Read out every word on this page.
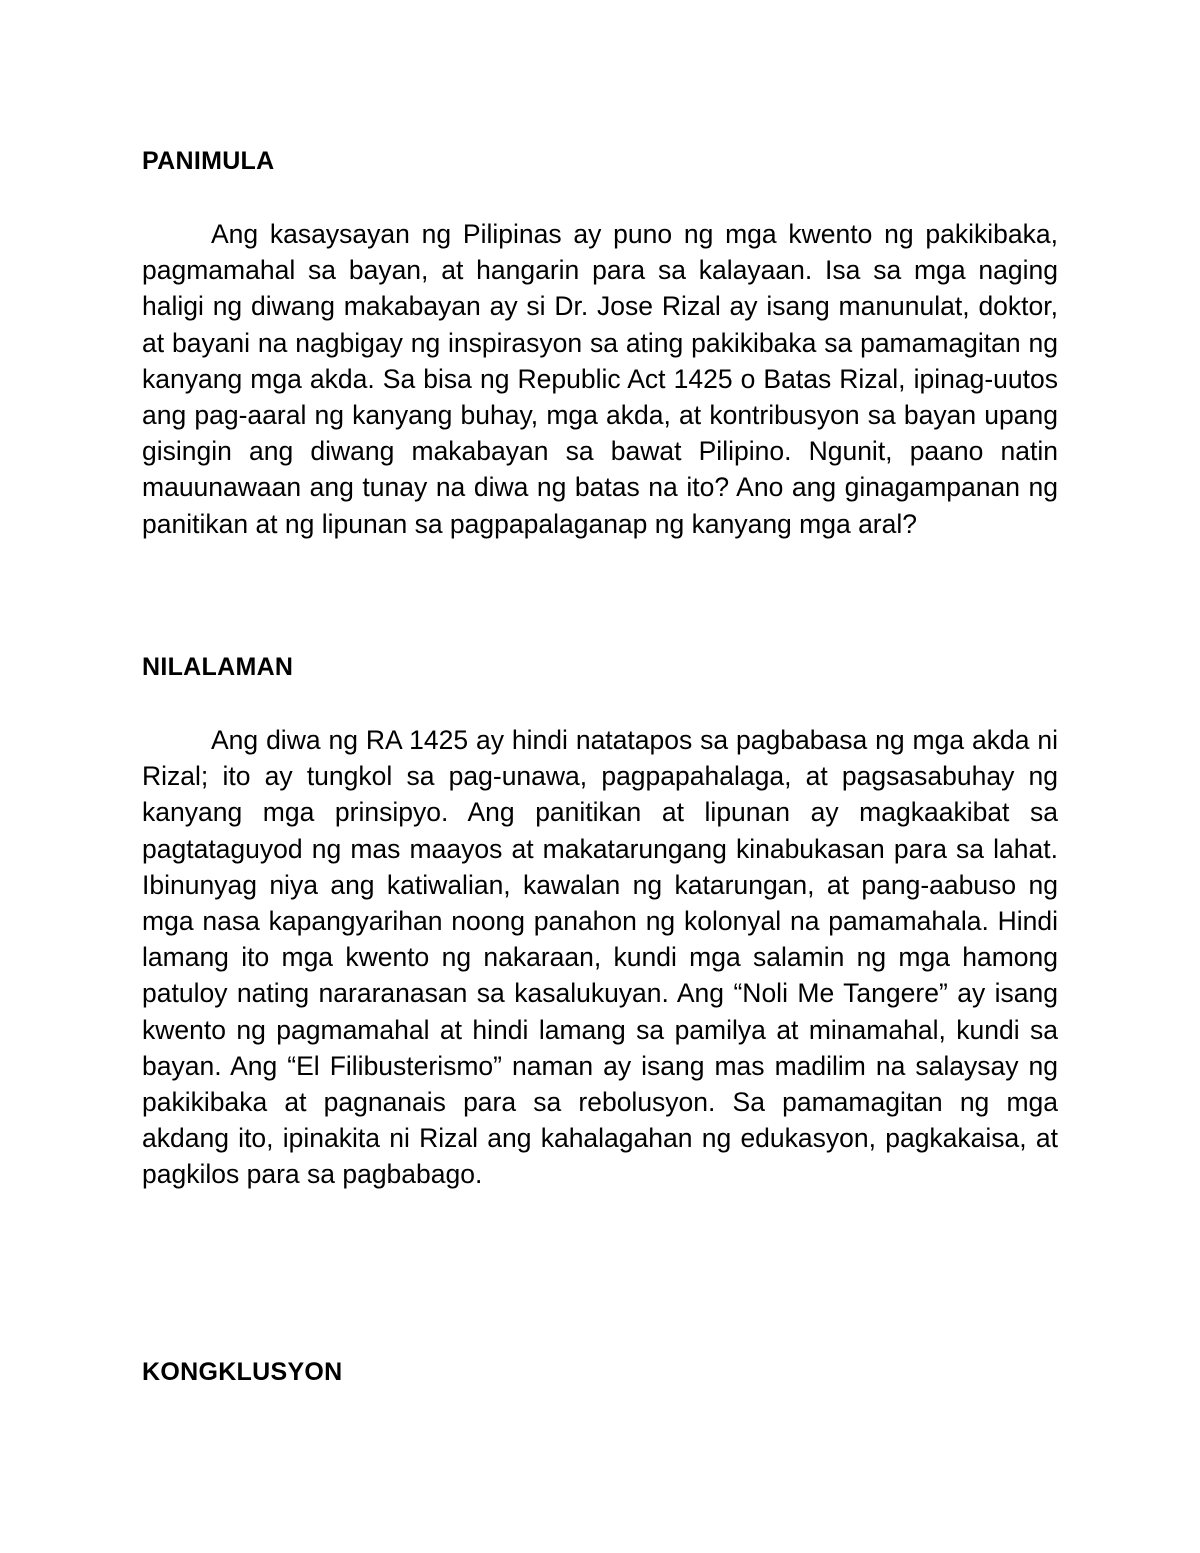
PANIMULA

Ang kasaysayan ng Pilipinas ay puno ng mga kwento ng pakikibaka, pagmamahal sa bayan, at hangarin para sa kalayaan. Isa sa mga naging haligi ng diwang makabayan ay si Dr. Jose Rizal ay isang manunulat, doktor, at bayani na nagbigay ng inspirasyon sa ating pakikibaka sa pamamagitan ng kanyang mga akda. Sa bisa ng Republic Act 1425 o Batas Rizal, ipinag-uutos ang pag-aaral ng kanyang buhay, mga akda, at kontribusyon sa bayan upang gisingin ang diwang makabayan sa bawat Pilipino. Ngunit, paano natin mauunawaan ang tunay na diwa ng batas na ito? Ano ang ginagampanan ng panitikan at ng lipunan sa pagpapalaganap ng kanyang mga aral?

NILALAMAN

Ang diwa ng RA 1425 ay hindi natatapos sa pagbabasa ng mga akda ni Rizal; ito ay tungkol sa pag-unawa, pagpapahalaga, at pagsasabuhay ng kanyang mga prinsipyo. Ang panitikan at lipunan ay magkaakibat sa pagtataguyod ng mas maayos at makatarungang kinabukasan para sa lahat. Ibinunyag niya ang katiwalian, kawalan ng katarungan, at pang-aabuso ng mga nasa kapangyarihan noong panahon ng kolonyal na pamamahala. Hindi lamang ito mga kwento ng nakaraan, kundi mga salamin ng mga hamong patuloy nating nararanasan sa kasalukuyan. Ang “Noli Me Tangere” ay isang kwento ng pagmamahal at hindi lamang sa pamilya at minamahal, kundi sa bayan. Ang “El Filibusterismo” naman ay isang mas madilim na salaysay ng pakikibaka at pagnanais para sa rebolusyon. Sa pamamagitan ng mga akdang ito, ipinakita ni Rizal ang kahalagahan ng edukasyon, pagkakaisa, at pagkilos para sa pagbabago.

KONGKLUSYON
